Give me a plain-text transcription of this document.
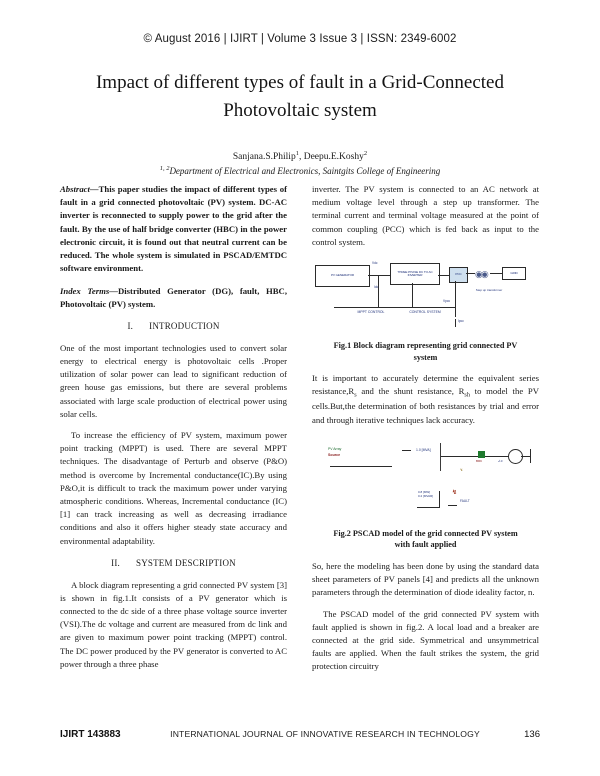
© August 2016 | IJIRT | Volume 3 Issue 3 | ISSN: 2349-6002
Impact of different types of fault in a Grid-Connected
Photovoltaic system
Sanjana.S.Philip$^1$, Deepu.E.Koshy$^2$
$^{1, 2}$Department of Electrical and Electronics, Saintgits College of Engineering

Abstract—This paper studies the impact of different types of fault in a grid connected photovoltaic (PV) system. DC-AC inverter is reconnected to supply power to the grid after the fault. By the use of half bridge converter (HBC) in the power electronic circuit, it is found out that neutral current can be reduced. The whole system is simulated in PSCAD/EMTDC software environment.

Index Terms—Distributed Generator (DG), fault, HBC, Photovoltaic (PV) system.

I. INTRODUCTION

One of the most important technologies used to convert solar energy to electrical energy is photovoltaic cells .Proper utilization of solar power can lead to significant reduction of green house gas emissions, but there are several problems associated with large scale production of electrical power using solar cells.

To increase the efficiency of PV system, maximum power point tracking (MPPT) is used. There are several MPPT techniques. The disadvantage of Perturb and observe (P&O) method is overcome by Incremental conductance(IC).By using P&O,it is difficult to track the maximum power under varying atmospheric conditions. Whereas, Incremental conductance (IC) [1] can track increasing as well as decreasing irradiance conditions and also it offers higher steady state accuracy and environmental adaptability.

II. SYSTEM DESCRIPTION

A block diagram representing a grid connected PV system [3] is shown in fig.1.It consists of a PV generator which is connected to the dc side of a three phase voltage source inverter (VSI).The dc voltage and current are measured from dc link and are given to maximum power point tracking (MPPT) control. The DC power produced by the PV generator is converted to AC power through a three phase

inverter. The PV system is connected to an AC network at medium voltage level through a step up transformer. The terminal current and terminal voltage measured at the point of common coupling (PCC) which is fed back as input to the control system.

PV GENERATOR
THREE PHASE DC TO AC INVERTER	PCC	GRID
◉◉
Step up transformer
Vdc
Idc
Vpcc
Ipcc
MPPT CONTROL	CONTROL SYSTEM
Fig.1 Block diagram representing grid connected PV
system

It is important to accurately determine the equivalent series $resistance,R_s$ and the shunt resistance, $R_{sh}$ to model the PV cells.But,the determination of both resistances by trial and error and through iterative techniques lack accuracy.

PV Array
Source
1.0 [MVA]
BRK	∠0
↯
0.8 [MW]
0.2 [MVAR]
↯
FAULT
Fig.2 PSCAD model of the grid connected PV system
with fault applied

So, here the modeling has been done by using the standard data sheet parameters of PV panels [4] and predicts all the unknown parameters through the determination of diode ideality factor, n.

The PSCAD model of the grid connected PV system with fault applied is shown in fig.2. A local load and a breaker are connected at the grid side. Symmetrical and unsymmetrical faults are applied. When the fault strikes the system, the grid protection circuitry

IJIRT 143883	INTERNATIONAL JOURNAL OF INNOVATIVE RESEARCH IN TECHNOLOGY	136
